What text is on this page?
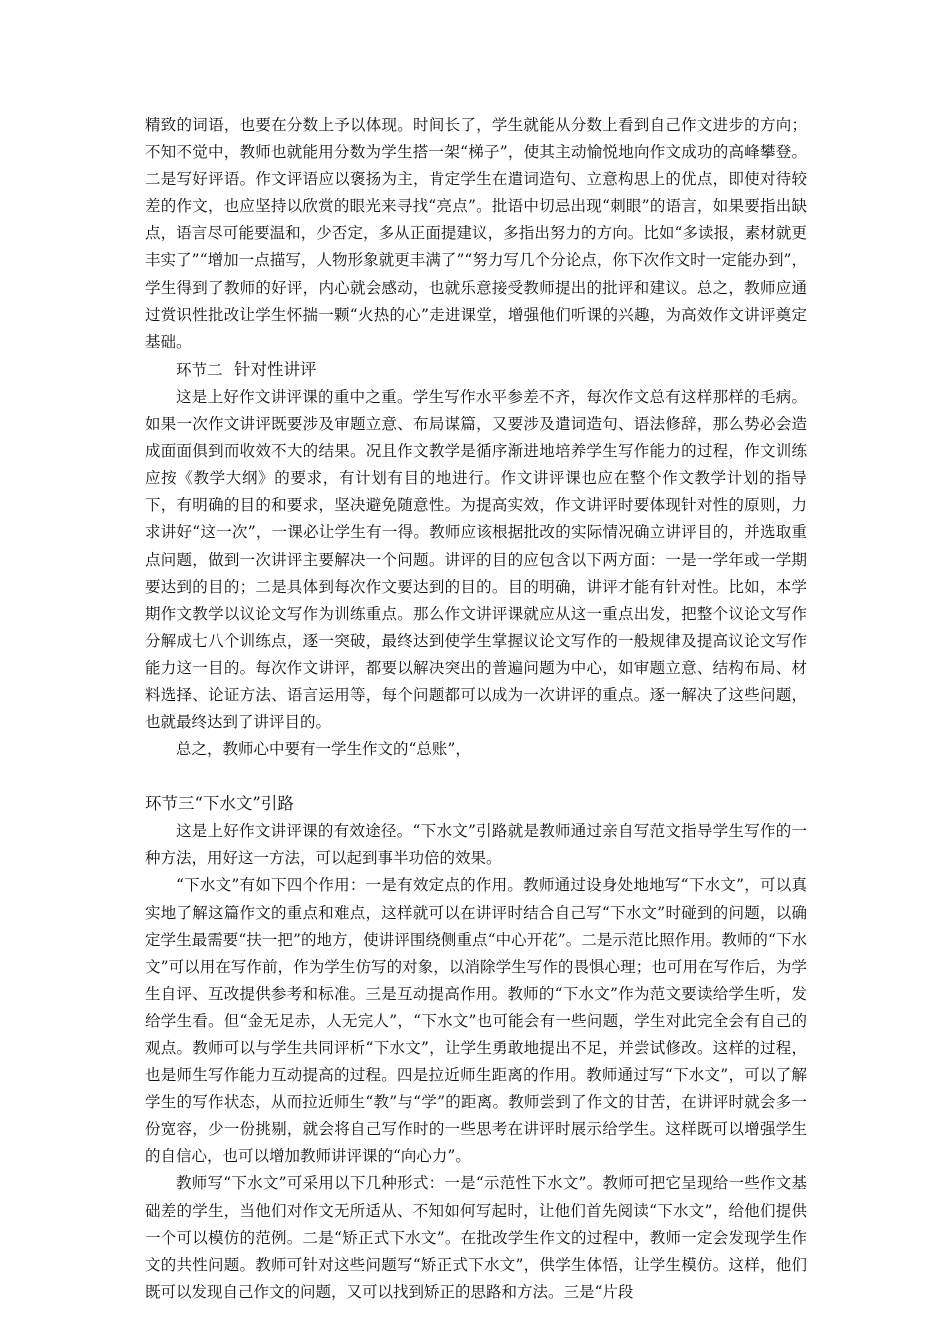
精致的词语，也要在分数上予以体现。时间长了，学生就能从分数上看到自己作文进步的方向；不知不觉中，教师也就能用分数为学生搭一架“梯子”，使其主动愉悦地向作文成功的高峰攀登。二是写好评语。作文评语应以褒扬为主，肯定学生在遣词造句、立意构思上的优点，即使对待较差的作文，也应坚持以欣赏的眼光来寻找“亮点”。批语中切忌出现“刺眼”的语言，如果要指出缺点，语言尽可能要温和，少否定，多从正面提建议，多指出努力的方向。比如“多读报，素材就更丰实了”“增加一点描写，人物形象就更丰满了”“努力写几个分论点，你下次作文时一定能办到”，学生得到了教师的好评，内心就会感动，也就乐意接受教师提出的批评和建议。总之，教师应通过赏识性批改让学生怀揣一颗“火热的心”走进课堂，增强他们听课的兴趣，为高效作文讲评奠定基础。

环节二 针对性讲评

这是上好作文讲评课的重中之重。学生写作水平参差不齐，每次作文总有这样那样的毛病。如果一次作文讲评既要涉及审题立意、布局谋篇，又要涉及遣词造句、语法修辞，那么势必会造成面面俱到而收效不大的结果。况且作文教学是循序渐进地培养学生写作能力的过程，作文训练应按《教学大纲》的要求，有计划有目的地进行。作文讲评课也应在整个作文教学计划的指导下，有明确的目的和要求，坚决避免随意性。为提高实效，作文讲评时要体现针对性的原则，力求讲好“这一次”，一课必让学生有一得。教师应该根据批改的实际情况确立讲评目的，并选取重点问题，做到一次讲评主要解决一个问题。讲评的目的应包含以下两方面：一是一学年或一学期要达到的目的；二是具体到每次作文要达到的目的。目的明确，讲评才能有针对性。比如，本学期作文教学以议论文写作为训练重点。那么作文讲评课就应从这一重点出发，把整个议论文写作分解成七八个训练点，逐一突破，最终达到使学生掌握议论文写作的一般规律及提高议论文写作能力这一目的。每次作文讲评，都要以解决突出的普遍问题为中心，如审题立意、结构布局、材料选择、论证方法、语言运用等，每个问题都可以成为一次讲评的重点。逐一解决了这些问题，也就最终达到了讲评目的。

总之，教师心中要有一学生作文的“总账”，

环节三“下水文”引路

这是上好作文讲评课的有效途径。“下水文”引路就是教师通过亲自写范文指导学生写作的一种方法，用好这一方法，可以起到事半功倍的效果。

“下水文”有如下四个作用：一是有效定点的作用。教师通过设身处地地写“下水文”，可以真实地了解这篇作文的重点和难点，这样就可以在讲评时结合自己写“下水文”时碰到的问题，以确定学生最需要“扶一把”的地方，使讲评围绕侧重点“中心开花”。二是示范比照作用。教师的“下水文”可以用在写作前，作为学生仿写的对象，以消除学生写作的畏惧心理；也可用在写作后，为学生自评、互改提供参考和标准。三是互动提高作用。教师的“下水文”作为范文要读给学生听，发给学生看。但“金无足赤，人无完人”，“下水文”也可能会有一些问题，学生对此完全会有自己的观点。教师可以与学生共同评析“下水文”，让学生勇敢地提出不足，并尝试修改。这样的过程，也是师生写作能力互动提高的过程。四是拉近师生距离的作用。教师通过写“下水文”，可以了解学生的写作状态，从而拉近师生“教”与“学”的距离。教师尝到了作文的甘苦，在讲评时就会多一份宽容，少一份挑剔，就会将自己写作时的一些思考在讲评时展示给学生。这样既可以增强学生的自信心，也可以增加教师讲评课的“向心力”。

教师写“下水文”可采用以下几种形式：一是“示范性下水文”。教师可把它呈现给一些作文基础差的学生，当他们对作文无所适从、不知如何写起时，让他们首先阅读“下水文”，给他们提供一个可以模仿的范例。二是“矫正式下水文”。在批改学生作文的过程中，教师一定会发现学生作文的共性问题。教师可针对这些问题写“矫正式下水文”，供学生体悟，让学生模仿。这样，他们既可以发现自己作文的问题，又可以找到矫正的思路和方法。三是“片段
